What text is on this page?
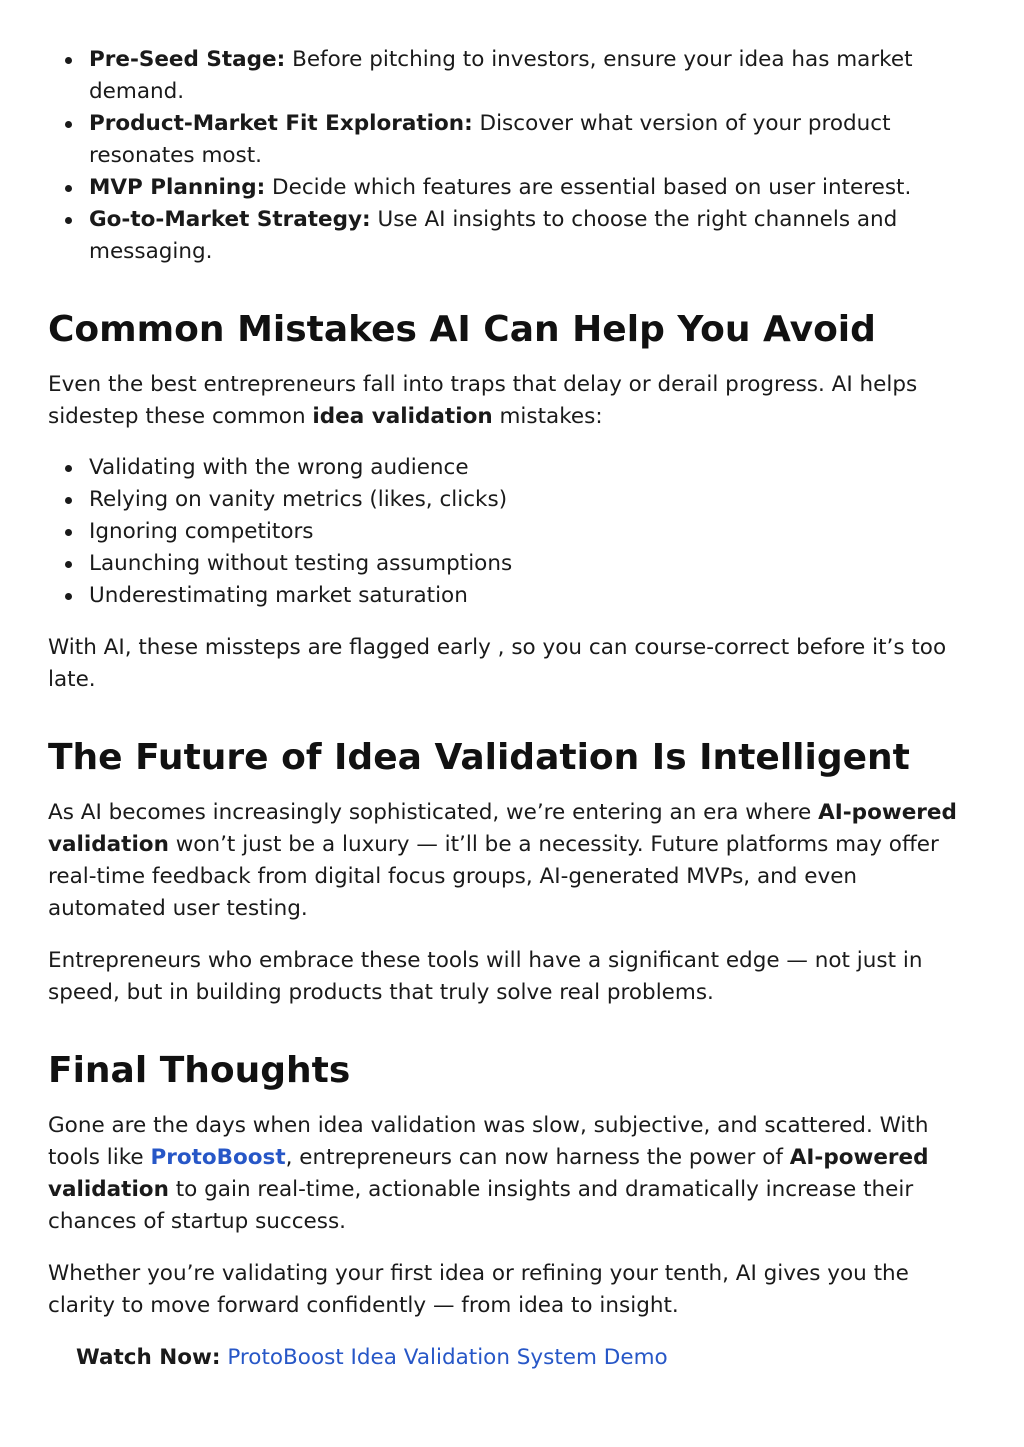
Pre-Seed Stage: Before pitching to investors, ensure your idea has market demand.
Product-Market Fit Exploration: Discover what version of your product resonates most.
MVP Planning: Decide which features are essential based on user interest.
Go-to-Market Strategy: Use AI insights to choose the right channels and messaging.
Common Mistakes AI Can Help You Avoid

Even the best entrepreneurs fall into traps that delay or derail progress. AI helps sidestep these common idea validation mistakes:

Validating with the wrong audience
Relying on vanity metrics (likes, clicks)
Ignoring competitors
Launching without testing assumptions
Underestimating market saturation

With AI, these missteps are flagged early , so you can course-correct before it’s too late.

The Future of Idea Validation Is Intelligent

As AI becomes increasingly sophisticated, we’re entering an era where AI-powered validation won’t just be a luxury — it’ll be a necessity. Future platforms may offer real-time feedback from digital focus groups, AI-generated MVPs, and even automated user testing.

Entrepreneurs who embrace these tools will have a significant edge — not just in speed, but in building products that truly solve real problems.

Final Thoughts

Gone are the days when idea validation was slow, subjective, and scattered. With tools like ProtoBoost, entrepreneurs can now harness the power of AI-powered validation to gain real-time, actionable insights and dramatically increase their chances of startup success.

Whether you’re validating your first idea or refining your tenth, AI gives you the clarity to move forward confidently — from idea to insight.

Watch Now: ProtoBoost Idea Validation System Demo
